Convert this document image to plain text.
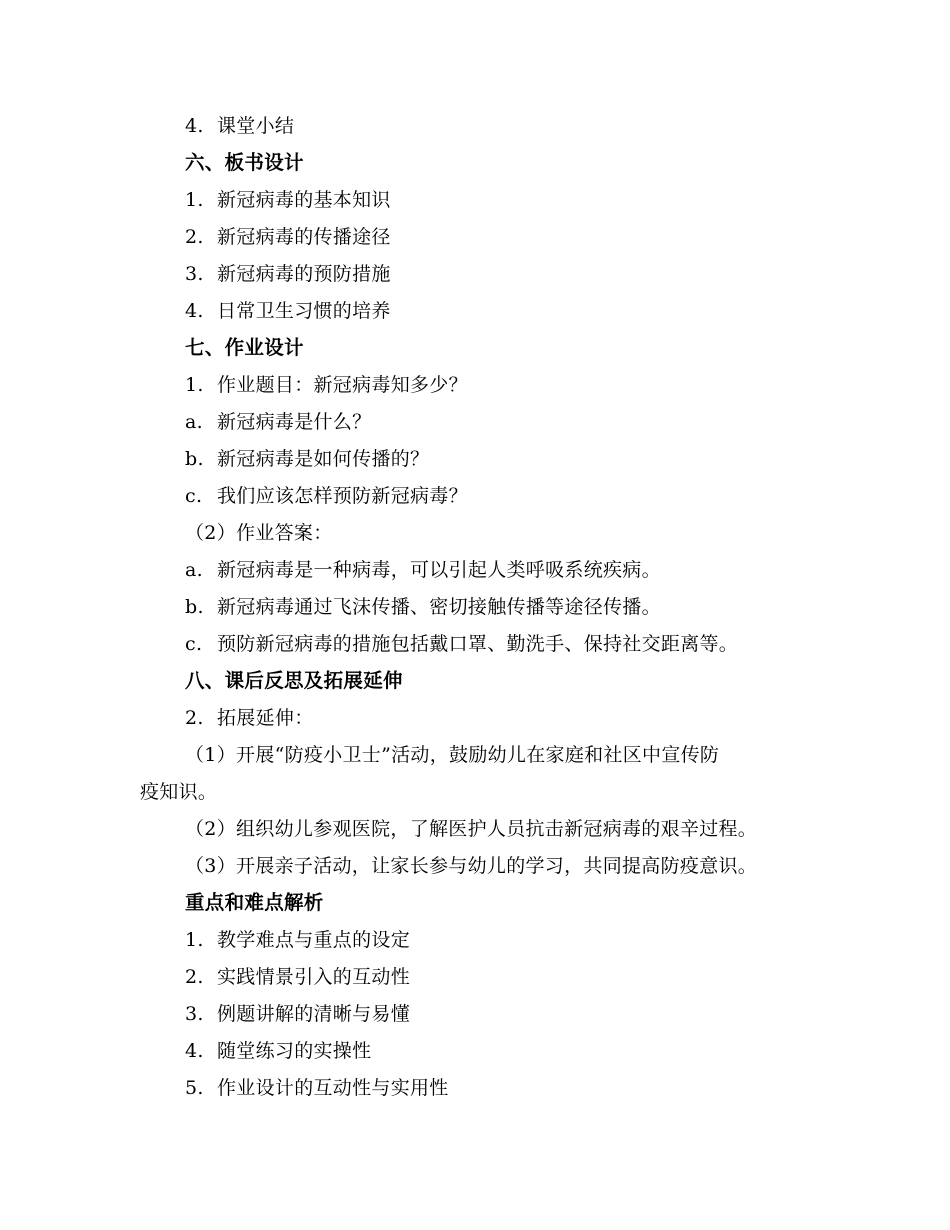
4. 课堂小结
六、板书设计
1. 新冠病毒的基本知识
2. 新冠病毒的传播途径
3. 新冠病毒的预防措施
4. 日常卫生习惯的培养
七、作业设计
1. 作业题目：新冠病毒知多少？
a. 新冠病毒是什么？
b. 新冠病毒是如何传播的？
c. 我们应该怎样预防新冠病毒？
（2）作业答案：
a. 新冠病毒是一种病毒，可以引起人类呼吸系统疾病。
b. 新冠病毒通过飞沫传播、密切接触传播等途径传播。
c. 预防新冠病毒的措施包括戴口罩、勤洗手、保持社交距离等。
八、课后反思及拓展延伸
2. 拓展延伸：
（1）开展“防疫小卫士”活动，鼓励幼儿在家庭和社区中宣传防
疫知识。
（2）组织幼儿参观医院，了解医护人员抗击新冠病毒的艰辛过程。
（3）开展亲子活动，让家长参与幼儿的学习，共同提高防疫意识。
重点和难点解析
1. 教学难点与重点的设定
2. 实践情景引入的互动性
3. 例题讲解的清晰与易懂
4. 随堂练习的实操性
5. 作业设计的互动性与实用性
